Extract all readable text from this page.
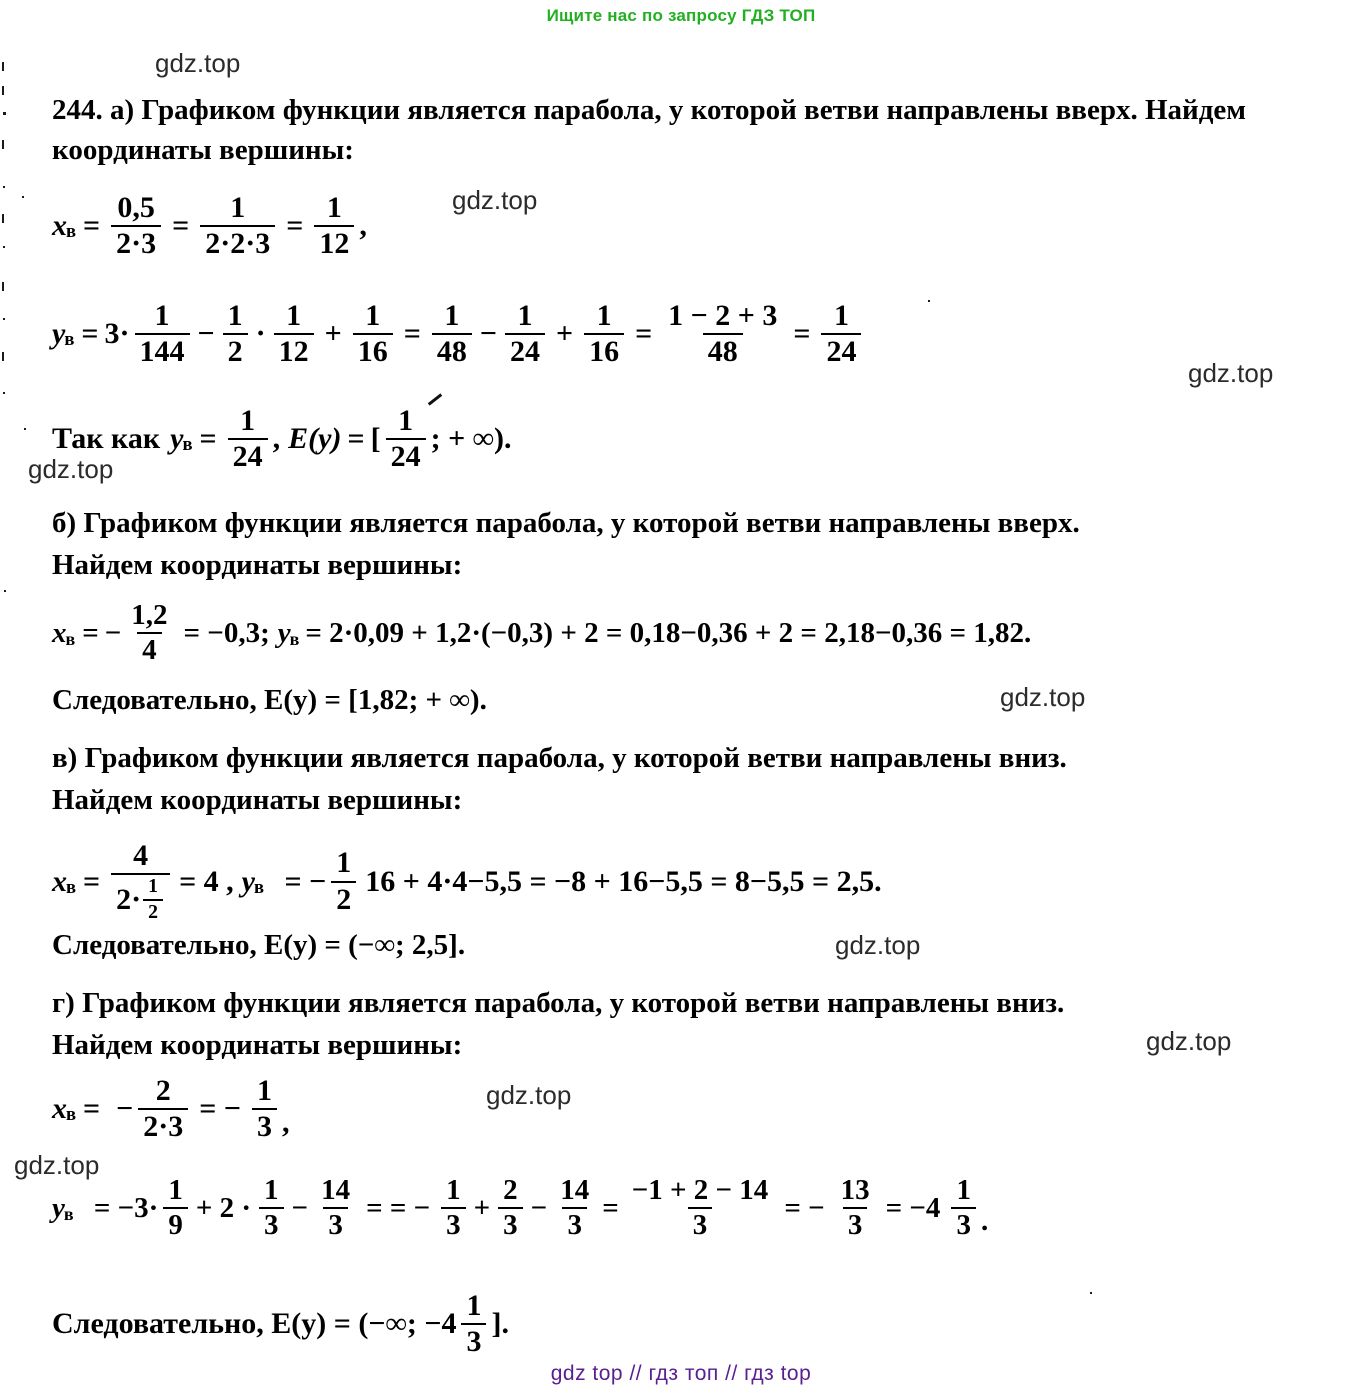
Ищите нас по запросу ГДЗ ТОП
gdz.top
gdz.top
gdz.top
gdz.top
gdz.top
gdz.top
gdz.top
gdz.top
gdz.top
244. а) Графиком функции является парабола, у которой ветви направлены вверх. Найдем координаты вершины:
x $в = \frac{0,5}{2\cdot 3} = \frac{1}{2\cdot 2\cdot 3} = \frac{1}{12}$ ,
y $в = 3\cdot \frac{1}{144} - \frac{1}{2} \cdot \frac{1}{12} + \frac{1}{16} = \frac{1}{48} - \frac{1}{24} + \frac{1}{16} = \frac{1 - 2 + 3}{48} = \frac{1}{24}$
Так как y $в = \frac{1}{24}$ , E(y) = [ $\frac{1}{24}$ ; + ∞).
б) Графиком функции является парабола, у которой ветви направлены вверх.
Найдем координаты вершины:
x в = − $\frac{1,2}{4} = -0,3$; y в = 2·0,09 + 1,2·(−0,3) + 2 = 0,18−0,36 + 2 = 2,18−0,36 = 1,82.
Следовательно, E(y) = [1,82; + ∞).
в) Графиком функции является парабола, у которой ветви направлены вниз.
Найдем координаты вершины:
x $в = \frac{4}{2\cdot \frac{1}{2}} = 4$ , y в
= − $\frac{1}{2} 16 + 4\cdot 4-5,5 = -8 + 16-5,5 = 8-5,5 = 2,5$.
Следовательно, E(y) = (−∞; 2,5].
г) Графиком функции является парабола, у которой ветви направлены вниз.
Найдем координаты вершины:
x в = − $\frac{2}{2\cdot 3}$ = − $\frac{1}{3}$ ,
y в
= $-3\cdot \frac{1}{9} + 2 \cdot \frac{1}{3} - \frac{14}{3}$ = = − $\frac{1}{3} + \frac{2}{3} - \frac{14}{3} = \frac{-1 + 2 - 14}{3}$ = − $\frac{13}{3} = -4 \frac{1}{3}$ .
Следовательно, E(y) = (−∞; $-4 \frac{1}{3}$ ].
gdz top // гдз топ // гдз top
